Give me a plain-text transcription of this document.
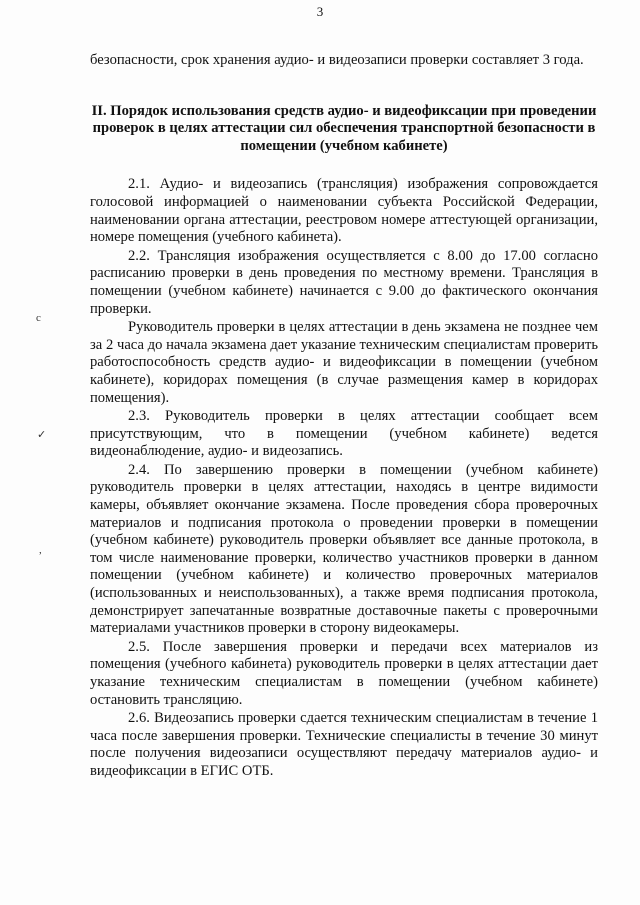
3
c
✓
,

безопасности, срок хранения аудио- и видеозаписи проверки составляет 3 года.

II. Порядок использования средств аудио- и видеофиксации при проведении проверок в целях аттестации сил обеспечения транспортной безопасности в помещении (учебном кабинете)

2.1. Аудио- и видеозапись (трансляция) изображения сопровождается голосовой информацией о наименовании субъекта Российской Федерации, наименовании органа аттестации, реестровом номере аттестующей организации, номере помещения (учебного кабинета).

2.2. Трансляция изображения осуществляется с 8.00 до 17.00 согласно расписанию проверки в день проведения по местному времени. Трансляция в помещении (учебном кабинете) начинается с 9.00 до фактического окончания проверки.

Руководитель проверки в целях аттестации в день экзамена не позднее чем за 2 часа до начала экзамена дает указание техническим специалистам проверить работоспособность средств аудио- и видеофиксации в помещении (учебном кабинете), коридорах помещения (в случае размещения камер в коридорах помещения).

2.3. Руководитель проверки в целях аттестации сообщает всем присутствующим, что в помещении (учебном кабинете) ведется видеонаблюдение, аудио- и видеозапись.

2.4. По завершению проверки в помещении (учебном кабинете) руководитель проверки в целях аттестации, находясь в центре видимости камеры, объявляет окончание экзамена. После проведения сбора проверочных материалов и подписания протокола о проведении проверки в помещении (учебном кабинете) руководитель проверки объявляет все данные протокола, в том числе наименование проверки, количество участников проверки в данном помещении (учебном кабинете) и количество проверочных материалов (использованных и неиспользованных), а также время подписания протокола, демонстрирует запечатанные возвратные доставочные пакеты с проверочными материалами участников проверки в сторону видеокамеры.

2.5. После завершения проверки и передачи всех материалов из помещения (учебного кабинета) руководитель проверки в целях аттестации дает указание техническим специалистам в помещении (учебном кабинете) остановить трансляцию.

2.6. Видеозапись проверки сдается техническим специалистам в течение 1 часа после завершения проверки. Технические специалисты в течение 30 минут после получения видеозаписи осуществляют передачу материалов аудио- и видеофиксации в ЕГИС ОТБ.
